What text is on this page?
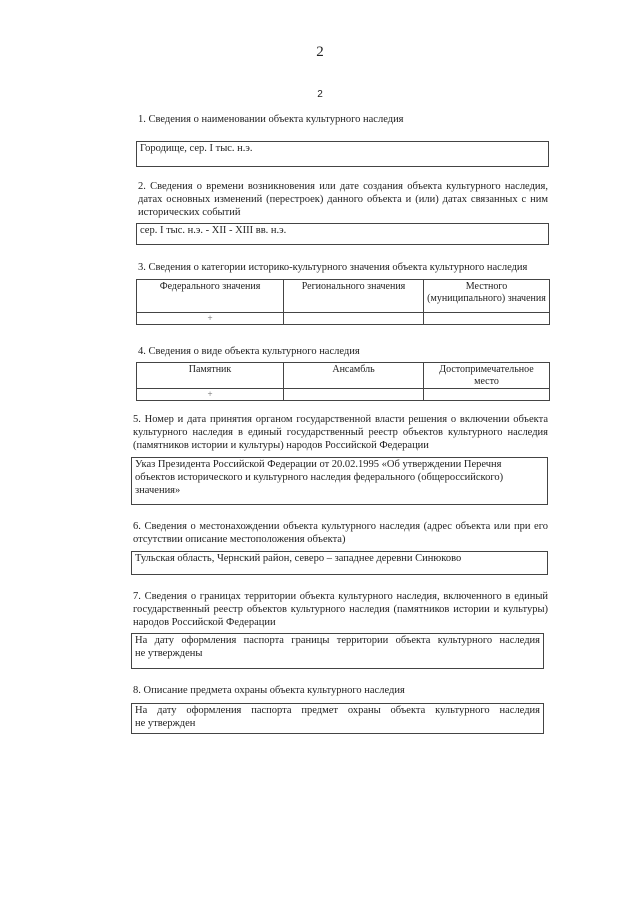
2
2
1. Сведения о наименовании объекта культурного наследия
Городище, сер. I тыс. н.э.
2. Сведения о времени возникновения или дате создания объекта культурного наследия,
датах основных изменений (перестроек) данного объекта и (или) датах связанных с ним
исторических событий
сер. I тыс. н.э. - XII - XIII вв. н.э.
3. Сведения о категории историко-культурного значения объекта культурного наследия
Федерального значения	Регионального значения	Местного (муниципального) значения
+		
4. Сведения о виде объекта культурного наследия
Памятник	Ансамбль	Достопримечательное место
+		
5. Номер и дата принятия органом государственной власти решения о включении объекта
культурного наследия в единый государственный реестр объектов культурного наследия
(памятников истории и культуры) народов Российской Федерации
Указ Президента Российской Федерации от 20.02.1995 «Об утверждении Перечня
объектов исторического и культурного наследия федерального (общероссийского)
значения»
6. Сведения о местонахождении объекта культурного наследия (адрес объекта или при его
отсутствии описание местоположения объекта)
Тульская область, Чернский район, северо – западнее деревни Синюково
7. Сведения о границах территории объекта культурного наследия, включенного в единый
государственный реестр объектов культурного наследия (памятников истории и культуры)
народов Российской Федерации
На дату оформления паспорта границы территории объекта культурного наследия
не утверждены
8. Описание предмета охраны объекта культурного наследия
На дату оформления паспорта предмет охраны объекта культурного наследия
не утвержден
